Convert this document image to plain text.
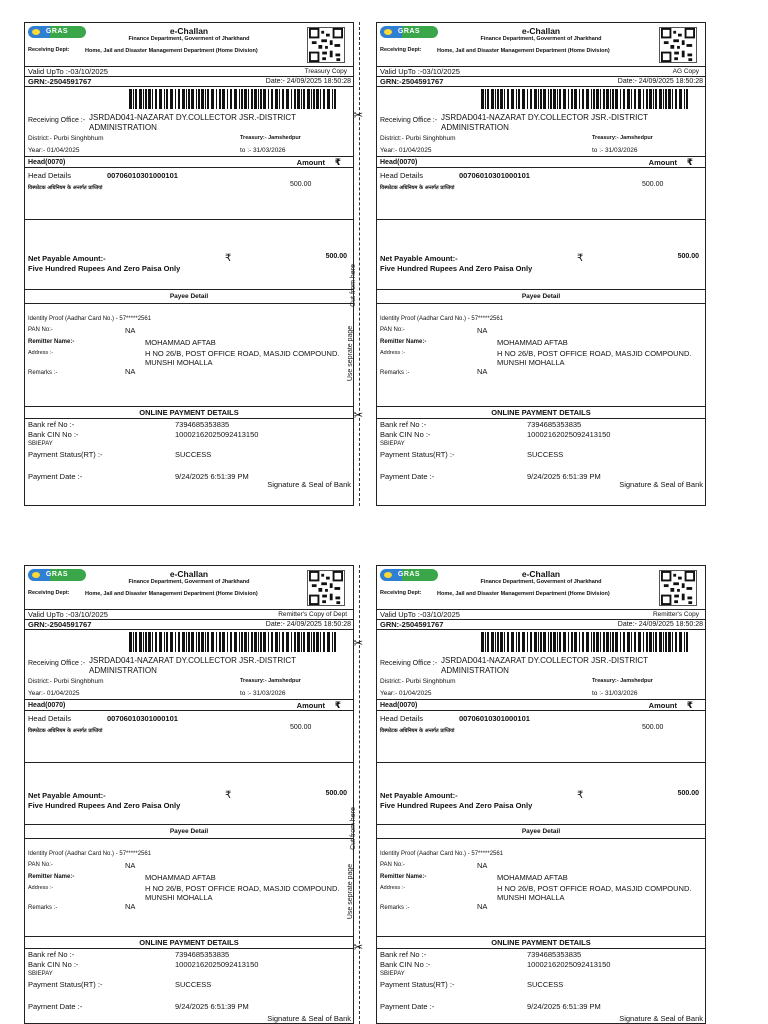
GRAS	e-Challan
Finance Department, Goverment of Jharkhand
Receiving Dept:	Home, Jail and Disaster Management Department (Home Division)
Valid UpTo :-03/10/2025	Treasury Copy
GRN:-2504591767	Date:- 24/09/2025 18:50:28
Receiving Office :- JSRDAD041-NAZARAT DY.COLLECTOR JSR.-DISTRICT ADMINISTRATION
District:- Purbi Singhbhum	Treasury:- Jamshedpur
Year:- 01/04/2025	to :- 31/03/2026
Head(0070)	Amount ₹
Head Details	00706010301000101
विस्फोटक अधिनियम के अन्तर्गत प्राप्तियां	500.00
Net Payable Amount:-
Five Hundred Rupees And Zero Paisa Only
₹	500.00
Payee Detail
Identity Proof (Aadhar Card No.) - 57*****2561
PAN No:-	NA
Remitter Name:-	MOHAMMAD AFTAB
Address :-	H NO 26/B, POST OFFICE ROAD, MASJID COMPOUND. MUNSHI MOHALLA
Remarks :-	NA
ONLINE PAYMENT DETAILS
Bank ref No :-	7394685353835
Bank CIN No :-	10002162025092413150
SBIEPAY
Payment Status(RT) :-	SUCCESS
Payment Date :-	9/24/2025 6:51:39 PM
Signature & Seal of Bank
GRAS	e-Challan
Finance Department, Goverment of Jharkhand
Receiving Dept:	Home, Jail and Disaster Management Department (Home Division)
Valid UpTo :-03/10/2025	AG Copy
GRN:-2504591767	Date:- 24/09/2025 18:50:28
Receiving Office :- JSRDAD041-NAZARAT DY.COLLECTOR JSR.-DISTRICT ADMINISTRATION
District:- Purbi Singhbhum	Treasury:- Jamshedpur
Year:- 01/04/2025	to :- 31/03/2026
Head(0070)	Amount ₹
Head Details	00706010301000101
विस्फोटक अधिनियम के अन्तर्गत प्राप्तियां	500.00
Net Payable Amount:-
Five Hundred Rupees And Zero Paisa Only
₹	500.00
Payee Detail
Identity Proof (Aadhar Card No.) - 57*****2561
PAN No:-	NA
Remitter Name:-	MOHAMMAD AFTAB
Address :-	H NO 26/B, POST OFFICE ROAD, MASJID COMPOUND. MUNSHI MOHALLA
Remarks :-	NA
ONLINE PAYMENT DETAILS
Bank ref No :-	7394685353835
Bank CIN No :-	10002162025092413150
SBIEPAY
Payment Status(RT) :-	SUCCESS
Payment Date :-	9/24/2025 6:51:39 PM
Signature & Seal of Bank
GRAS	e-Challan
Finance Department, Goverment of Jharkhand
Receiving Dept:	Home, Jail and Disaster Management Department (Home Division)
Valid UpTo :-03/10/2025	Remitter's Copy of Dept
GRN:-2504591767	Date:- 24/09/2025 18:50:28
Receiving Office :- JSRDAD041-NAZARAT DY.COLLECTOR JSR.-DISTRICT ADMINISTRATION
District:- Purbi Singhbhum	Treasury:- Jamshedpur
Year:- 01/04/2025	to :- 31/03/2026
Head(0070)	Amount ₹
Head Details	00706010301000101
विस्फोटक अधिनियम के अन्तर्गत प्राप्तियां	500.00
Net Payable Amount:-
Five Hundred Rupees And Zero Paisa Only
₹	500.00
Payee Detail
Identity Proof (Aadhar Card No.) - 57*****2561
PAN No:-	NA
Remitter Name:-	MOHAMMAD AFTAB
Address :-	H NO 26/B, POST OFFICE ROAD, MASJID COMPOUND. MUNSHI MOHALLA
Remarks :-	NA
ONLINE PAYMENT DETAILS
Bank ref No :-	7394685353835
Bank CIN No :-	10002162025092413150
SBIEPAY
Payment Status(RT) :-	SUCCESS
Payment Date :-	9/24/2025 6:51:39 PM
Signature & Seal of Bank
GRAS	e-Challan
Finance Department, Goverment of Jharkhand
Receiving Dept:	Home, Jail and Disaster Management Department (Home Division)
Valid UpTo :-03/10/2025	Remitter's Copy
GRN:-2504591767	Date:- 24/09/2025 18:50:28
Receiving Office :- JSRDAD041-NAZARAT DY.COLLECTOR JSR.-DISTRICT ADMINISTRATION
District:- Purbi Singhbhum	Treasury:- Jamshedpur
Year:- 01/04/2025	to :- 31/03/2026
Head(0070)	Amount ₹
Head Details	00706010301000101
विस्फोटक अधिनियम के अन्तर्गत प्राप्तियां	500.00
Net Payable Amount:-
Five Hundred Rupees And Zero Paisa Only
₹	500.00
Payee Detail
Identity Proof (Aadhar Card No.) - 57*****2561
PAN No:-	NA
Remitter Name:-	MOHAMMAD AFTAB
Address :-	H NO 26/B, POST OFFICE ROAD, MASJID COMPOUND. MUNSHI MOHALLA
Remarks :-	NA
ONLINE PAYMENT DETAILS
Bank ref No :-	7394685353835
Bank CIN No :-	10002162025092413150
SBIEPAY
Payment Status(RT) :-	SUCCESS
Payment Date :-	9/24/2025 6:51:39 PM
Signature & Seal of Bank
Cut from here
Use seprate page
Cut from here
Use seprate page
✂
✂
✂
✂
